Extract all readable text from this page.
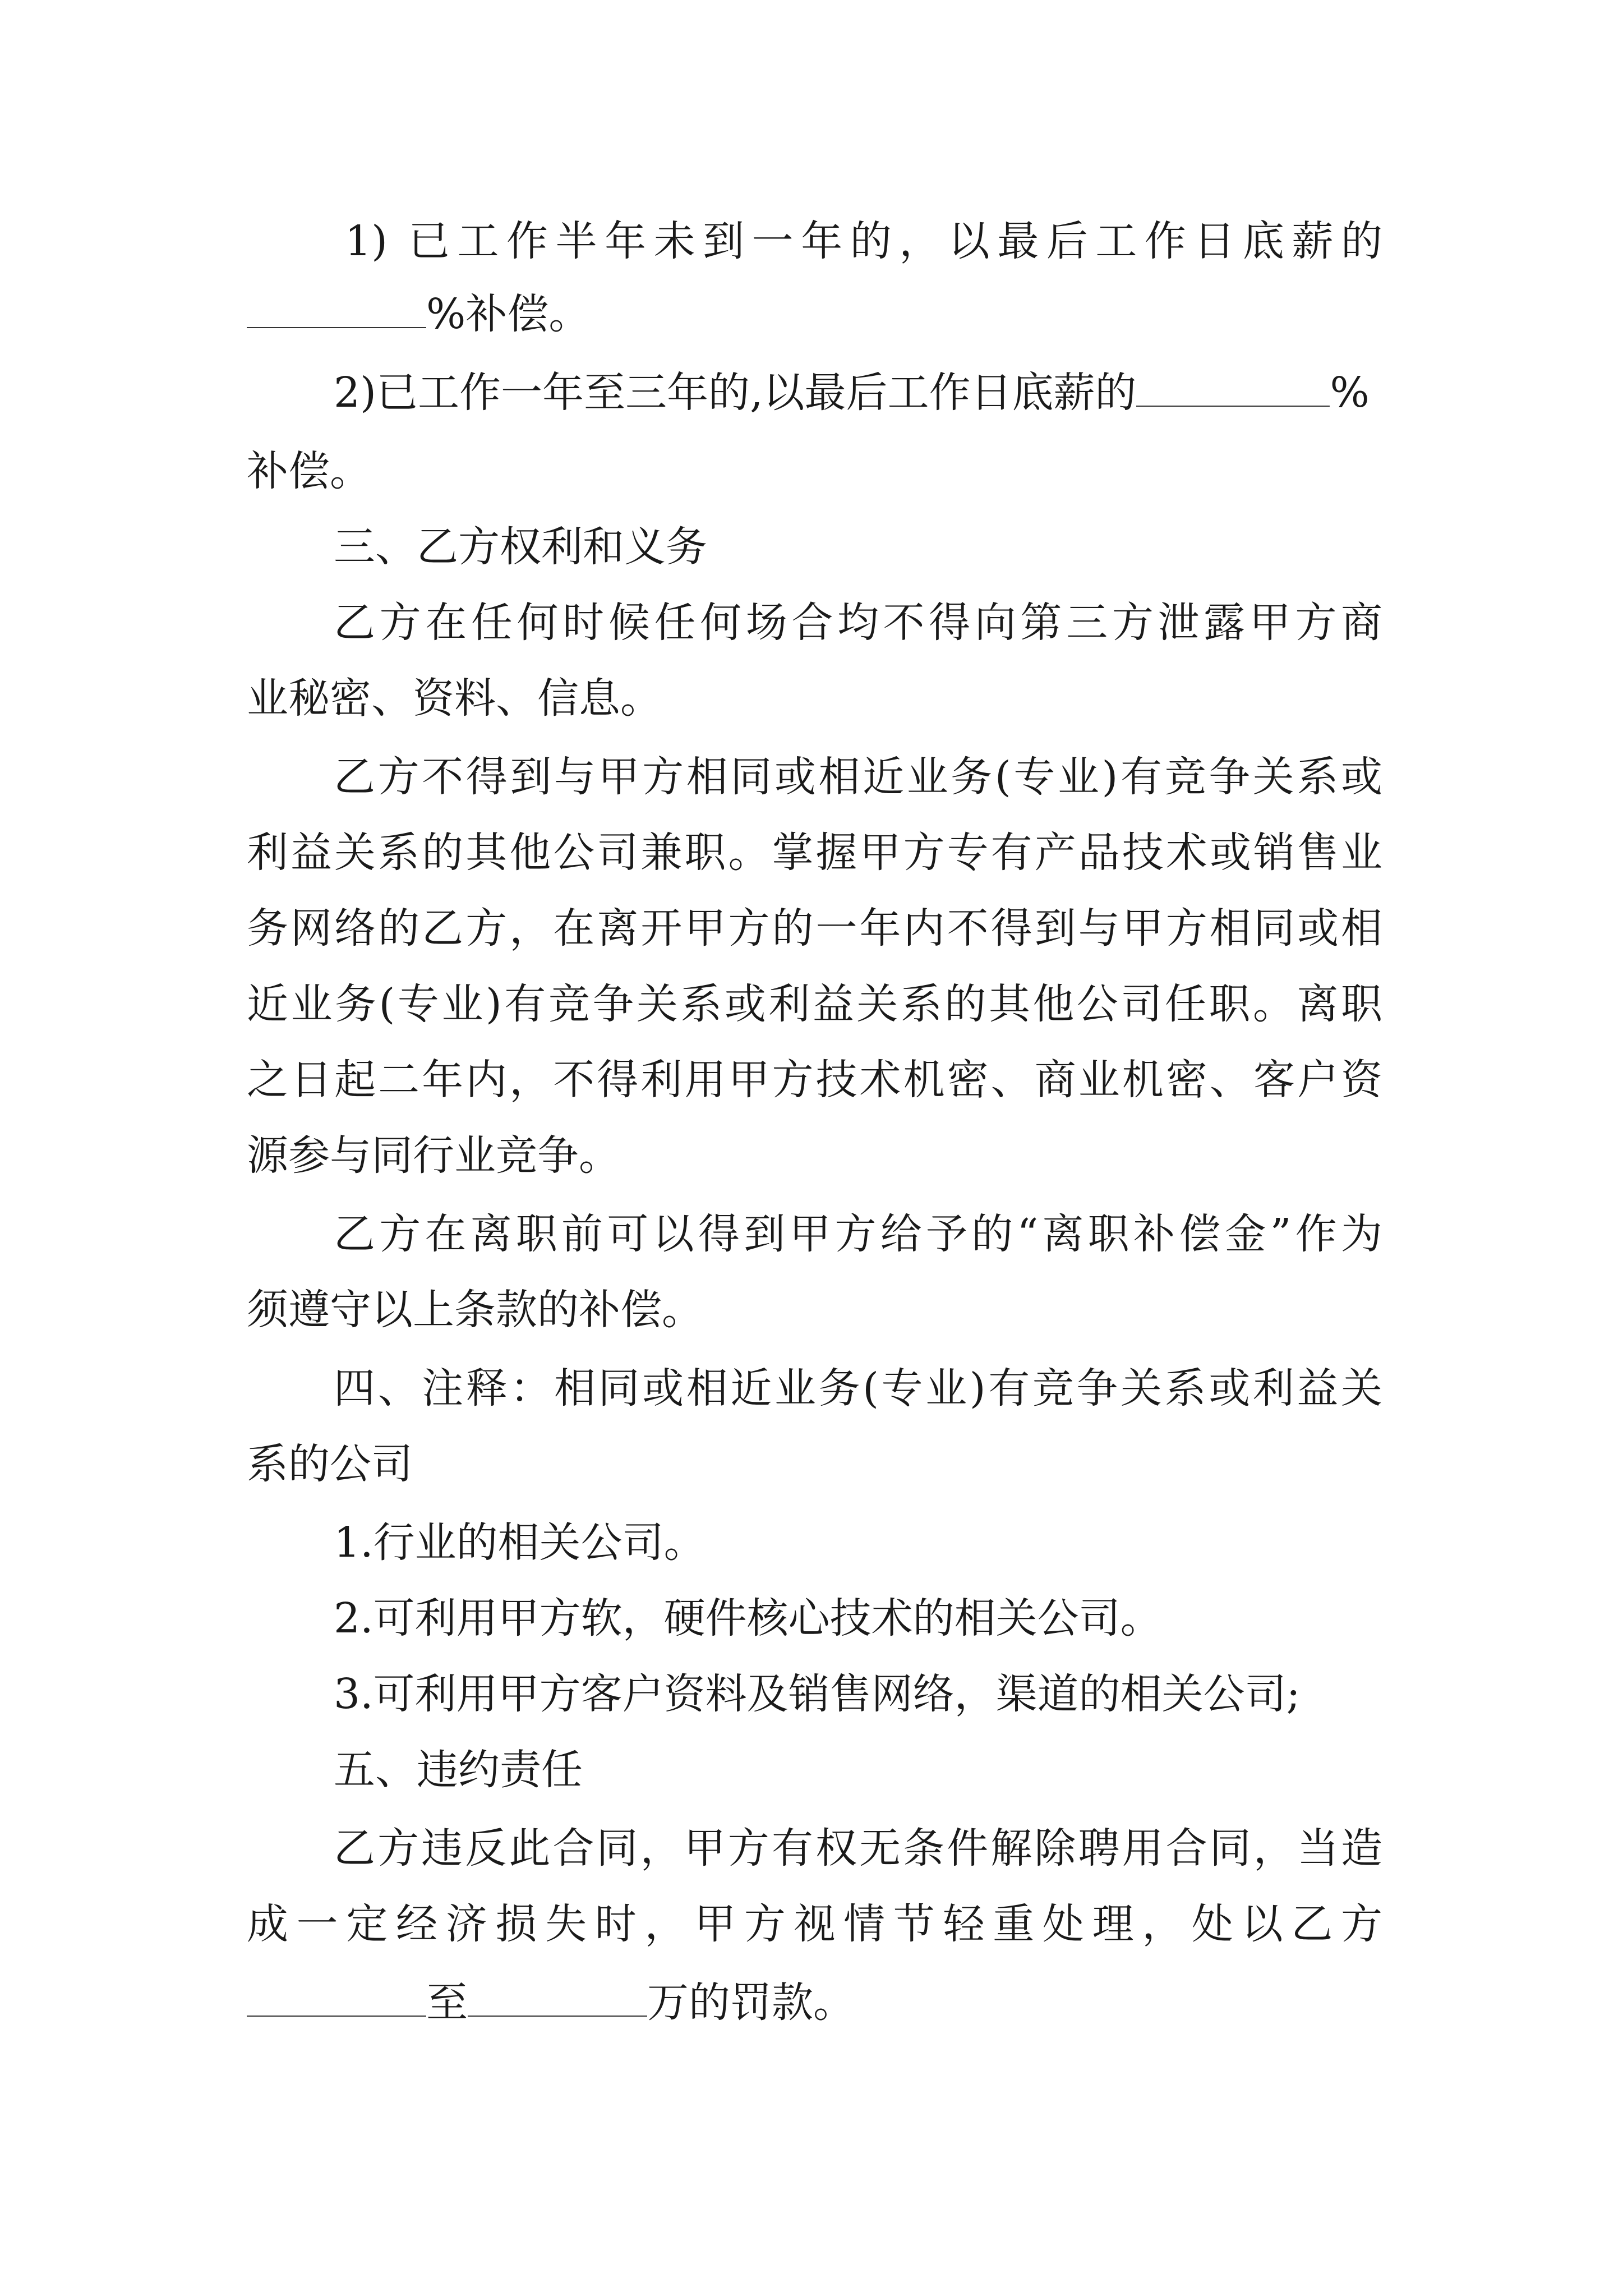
1) 已工作半年未到一年的，以最后工作日底薪的
%补偿。
2)已工作一年至三年的,以最后工作日底薪的	%
补偿。
三、乙方权利和义务
乙方在任何时候任何场合均不得向第三方泄露甲方商
业秘密、资料、信息。
乙方不得到与甲方相同或相近业务(专业)有竞争关系或
利益关系的其他公司兼职。掌握甲方专有产品技术或销售业
务网络的乙方，在离开甲方的一年内不得到与甲方相同或相
近业务(专业)有竞争关系或利益关系的其他公司任职。离职
之日起二年内，不得利用甲方技术机密、商业机密、客户资
源参与同行业竞争。
乙方在离职前可以得到甲方给予的“离职补偿金”作为
须遵守以上条款的补偿。
四、注释：相同或相近业务(专业)有竞争关系或利益关
系的公司
1.行业的相关公司。
2.可利用甲方软，硬件核心技术的相关公司。
3.可利用甲方客户资料及销售网络，渠道的相关公司;
五、违约责任
乙方违反此合同，甲方有权无条件解除聘用合同，当造
成一定经济损失时，甲方视情节轻重处理，处以乙方
至	万的罚款。
